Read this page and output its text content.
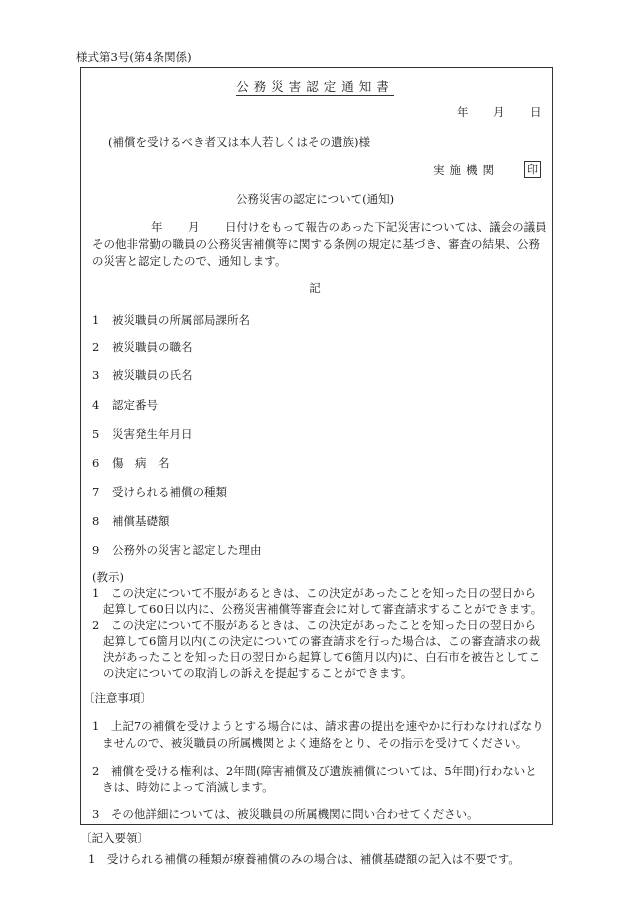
様式第3号(第4条関係)
公務災害認定通知書
年 月 日
(補償を受けるべき者又は本人若しくはその遺族)様
実施機関	印
公務災害の認定について(通知)
年 月 日付けをもって報告のあった下記災害については、議会の議員
その他非常勤の職員の公務災害補償等に関する条例の規定に基づき、審査の結果、公務
の災害と認定したので、通知します。
記
1 被災職員の所属部局課所名
2 被災職員の職名
3 被災職員の氏名
4 認定番号
5 災害発生年月日
6 傷　病　名
7 受けられる補償の種類
8 補償基礎額
9 公務外の災害と認定した理由
(教示)
1　この決定について不服があるときは、この決定があったことを知った日の翌日から
起算して60日以内に、公務災害補償等審査会に対して審査請求することができます。
2　この決定について不服があるときは、この決定があったことを知った日の翌日から
起算して6箇月以内(この決定についての審査請求を行った場合は、この審査請求の裁
決があったことを知った日の翌日から起算して6箇月以内)に、白石市を被告としてこ
の決定についての取消しの訴えを提起することができます。
〔注意事項〕
1　上記7の補償を受けようとする場合には、請求書の提出を速やかに行わなければなり
ませんので、被災職員の所属機関とよく連絡をとり、その指示を受けてください。
2　補償を受ける権利は、2年間(障害補償及び遺族補償については、5年間)行わないと
きは、時効によって消滅します。
3　その他詳細については、被災職員の所属機関に問い合わせてください。
〔記入要領〕
1　受けられる補償の種類が療養補償のみの場合は、補償基礎額の記入は不要です。
